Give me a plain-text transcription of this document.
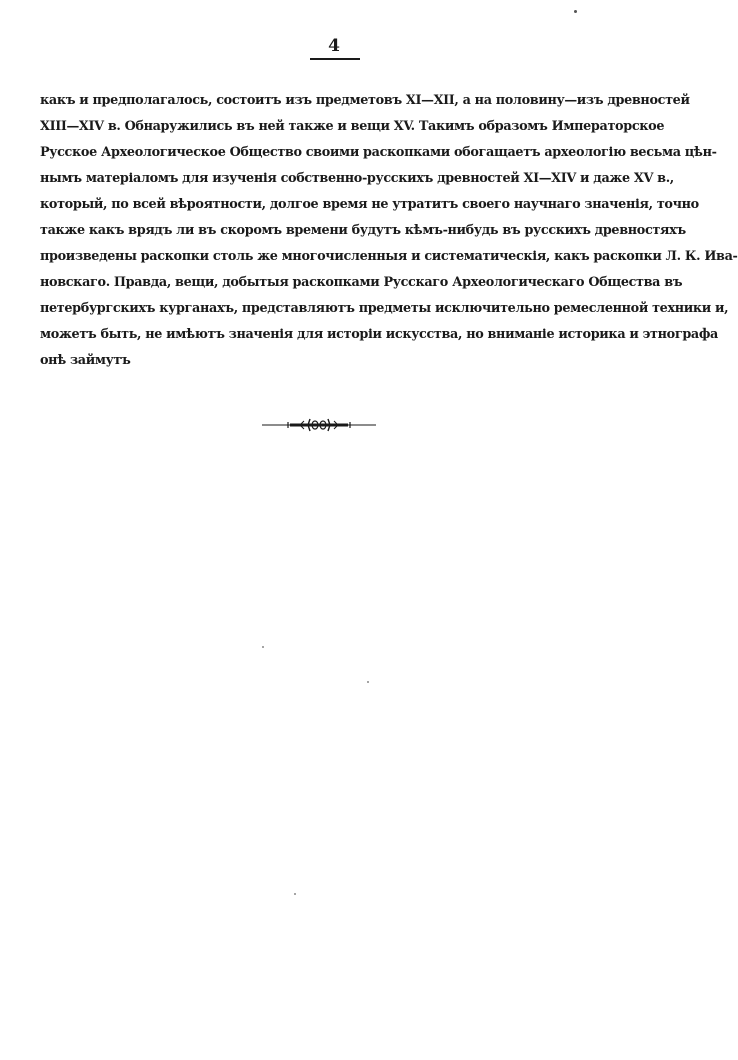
4
какъ и предполагалось, состоитъ изъ предметовъ XI—XII, а на половину—изъ древностей
XIII—XIV в. Обнаружились въ ней также и вещи XV. Такимъ образомъ Императорское
Русское Археологическое Общество своими раскопками обогащаетъ археологію весьма цѣн-
нымъ матеріаломъ для изученія собственно-русскихъ древностей XI—XIV и даже XV в.,
который, по всей вѣроятности, долгое время не утратитъ своего научнаго значенія, точно
также какъ врядъ ли въ скоромъ времени будутъ кѣмъ-нибудь въ русскихъ древностяхъ
произведены раскопки столь же многочисленныя и систематическія, какъ раскопки Л. К. Ива-
новскаго. Правда, вещи, добытыя раскопками Русскаго Археологическаго Общества въ
петербургскихъ курганахъ, представляютъ предметы исключительно ремесленной техники и,
можетъ быть, не имѣютъ значенія для исторіи искусства, но вниманіе историка и этнографа
онѣ займутъ
